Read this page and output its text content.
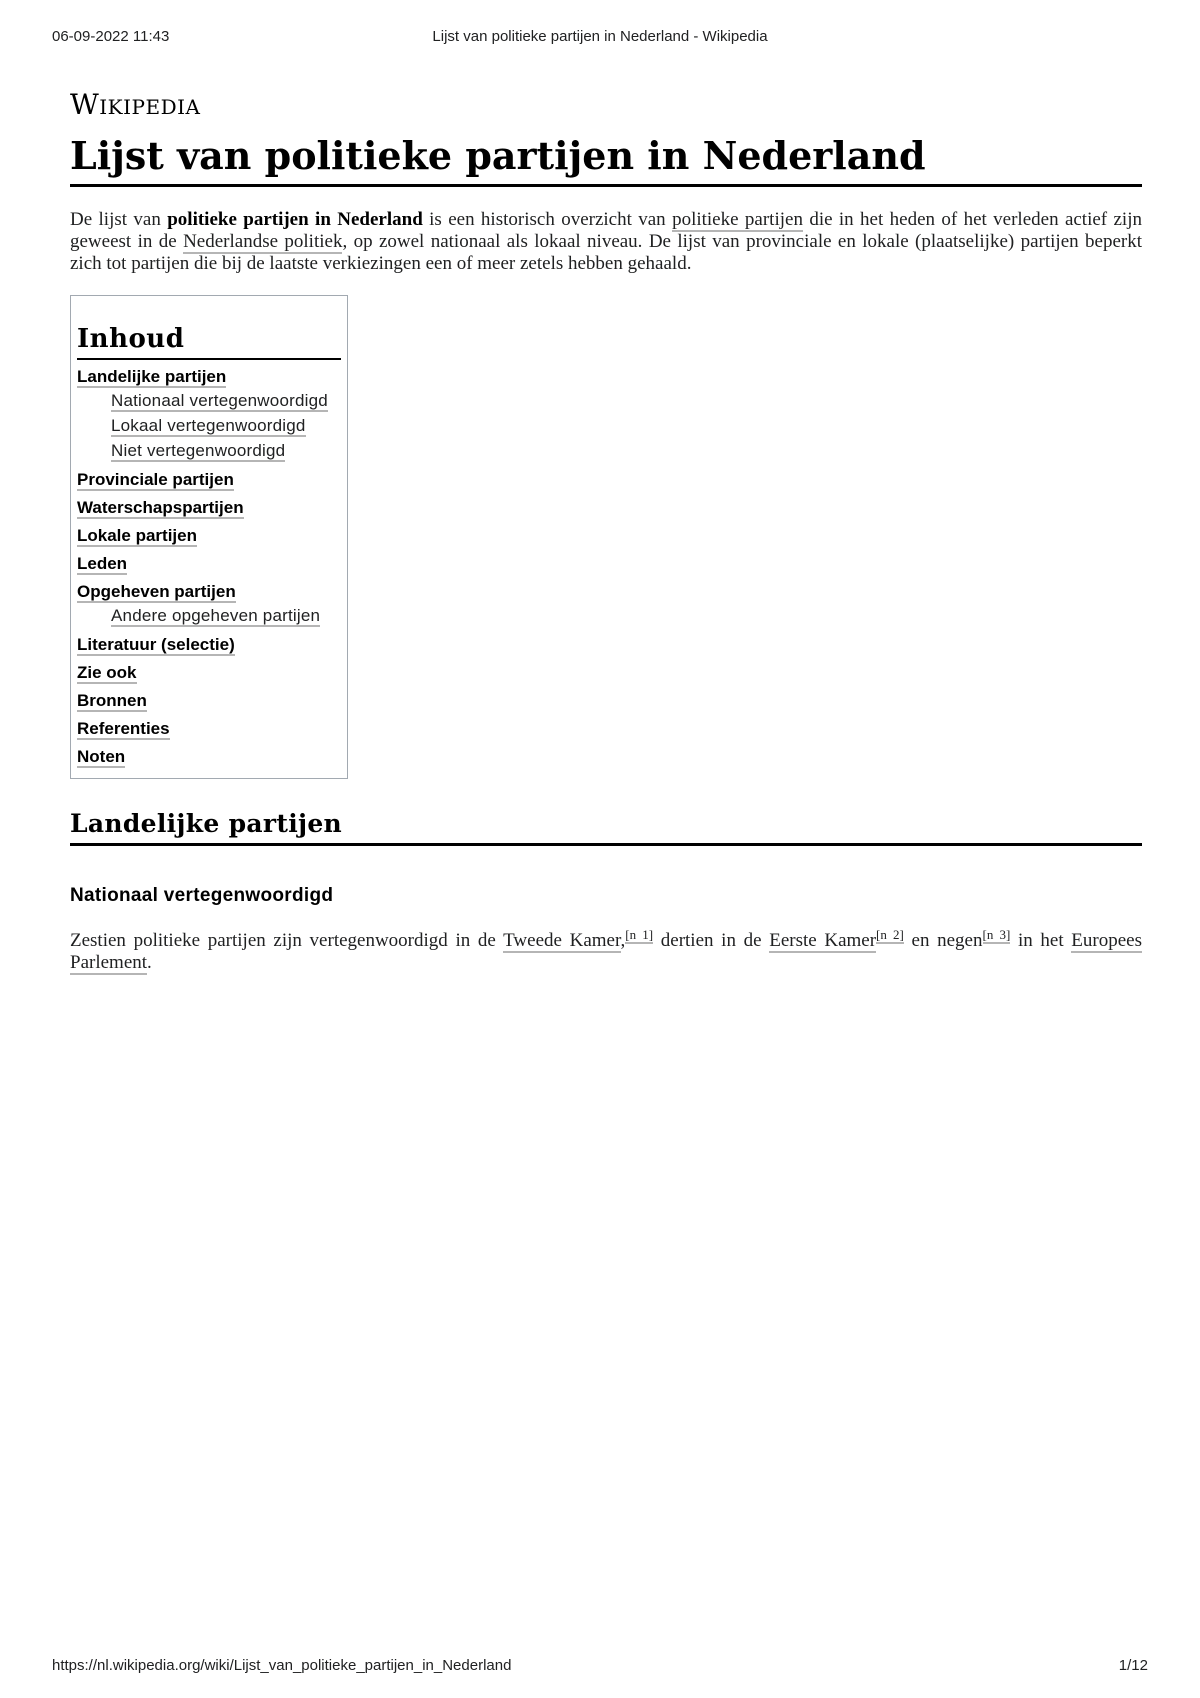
06-09-2022 11:43	Lijst van politieke partijen in Nederland - Wikipedia
Wikipedia
Lijst van politieke partijen in Nederland

De lijst van politieke partijen in Nederland is een historisch overzicht van politieke partijen die in het heden of het verleden actief zijn geweest in de Nederlandse politiek, op zowel nationaal als lokaal niveau. De lijst van provinciale en lokale (plaatselijke) partijen beperkt zich tot partijen die bij de laatste verkiezingen een of meer zetels hebben gehaald.

Inhoud
Landelijke partijen
Nationaal vertegenwoordigd
Lokaal vertegenwoordigd
Niet vertegenwoordigd
Provinciale partijen
Waterschapspartijen
Lokale partijen
Leden
Opgeheven partijen
Andere opgeheven partijen
Literatuur (selectie)
Zie ook
Bronnen
Referenties
Noten
Landelijke partijen
Nationaal vertegenwoordigd

Zestien politieke partijen zijn vertegenwoordigd in de Tweede Kamer,[n 1] dertien in de Eerste Kamer[n 2] en negen[n 3] in het Europees Parlement.

https://nl.wikipedia.org/wiki/Lijst_van_politieke_partijen_in_Nederland	1/12
